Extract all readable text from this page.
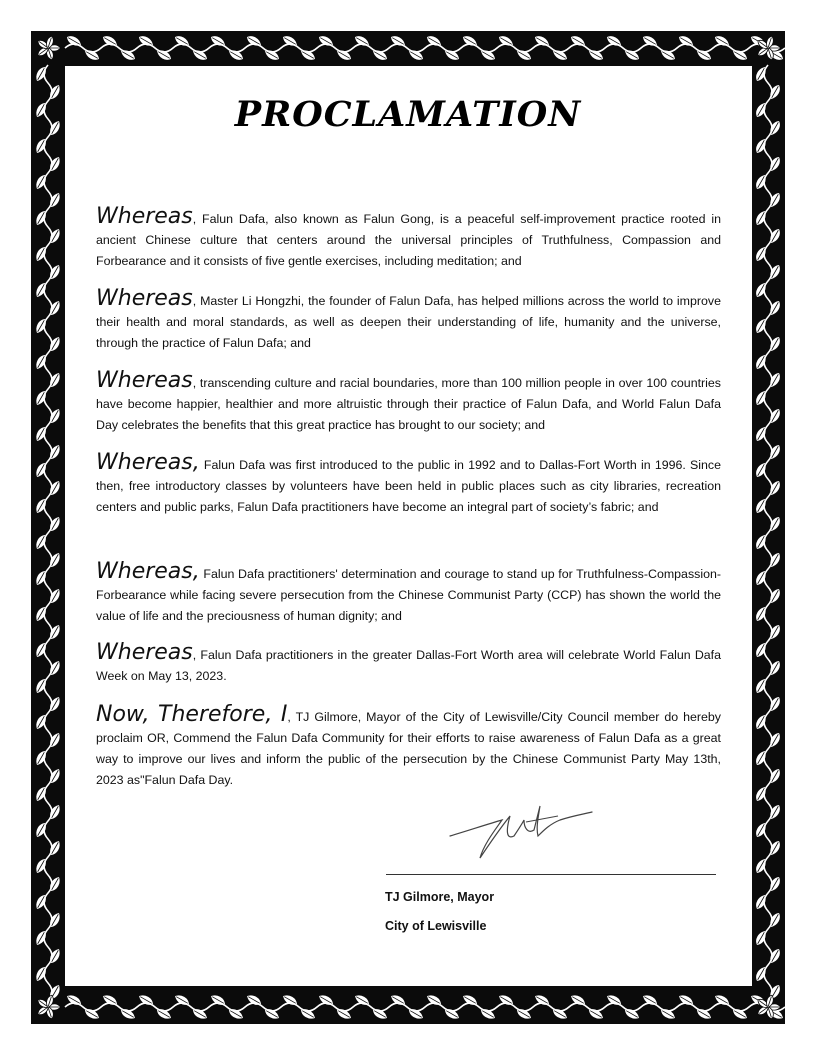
PROCLAMATION

Whereas, Falun Dafa, also known as Falun Gong, is a peaceful self-improvement practice rooted in ancient Chinese culture that centers around the universal principles of Truthfulness, Compassion and Forbearance and it consists of five gentle exercises, including meditation; and

Whereas, Master Li Hongzhi, the founder of Falun Dafa, has helped millions across the world to improve their health and moral standards, as well as deepen their understanding of life, humanity and the universe, through the practice of Falun Dafa; and

Whereas, transcending culture and racial boundaries, more than 100 million people in over 100 countries have become happier, healthier and more altruistic through their practice of Falun Dafa, and World Falun Dafa Day celebrates the benefits that this great practice has brought to our society; and

Whereas, Falun Dafa was first introduced to the public in 1992 and to Dallas-Fort Worth in 1996. Since then, free introductory classes by volunteers have been held in public places such as city libraries, recreation centers and public parks, Falun Dafa practitioners have become an integral part of society’s fabric; and

Whereas, Falun Dafa practitioners' determination and courage to stand up for Truthfulness-Compassion-Forbearance while facing severe persecution from the Chinese Communist Party (CCP) has shown the world the value of life and the preciousness of human dignity; and

Whereas, Falun Dafa practitioners in the greater Dallas-Fort Worth area will celebrate World Falun Dafa Week on May 13, 2023.

Now, Therefore, I, TJ Gilmore, Mayor of the City of Lewisville/City Council member do hereby proclaim OR, Commend the Falun Dafa Community for their efforts to raise awareness of Falun Dafa as a great way to improve our lives and inform the public of the persecution by the Chinese Communist Party May 13th, 2023 as"Falun Dafa Day.

TJ Gilmore, Mayor
City of Lewisville
